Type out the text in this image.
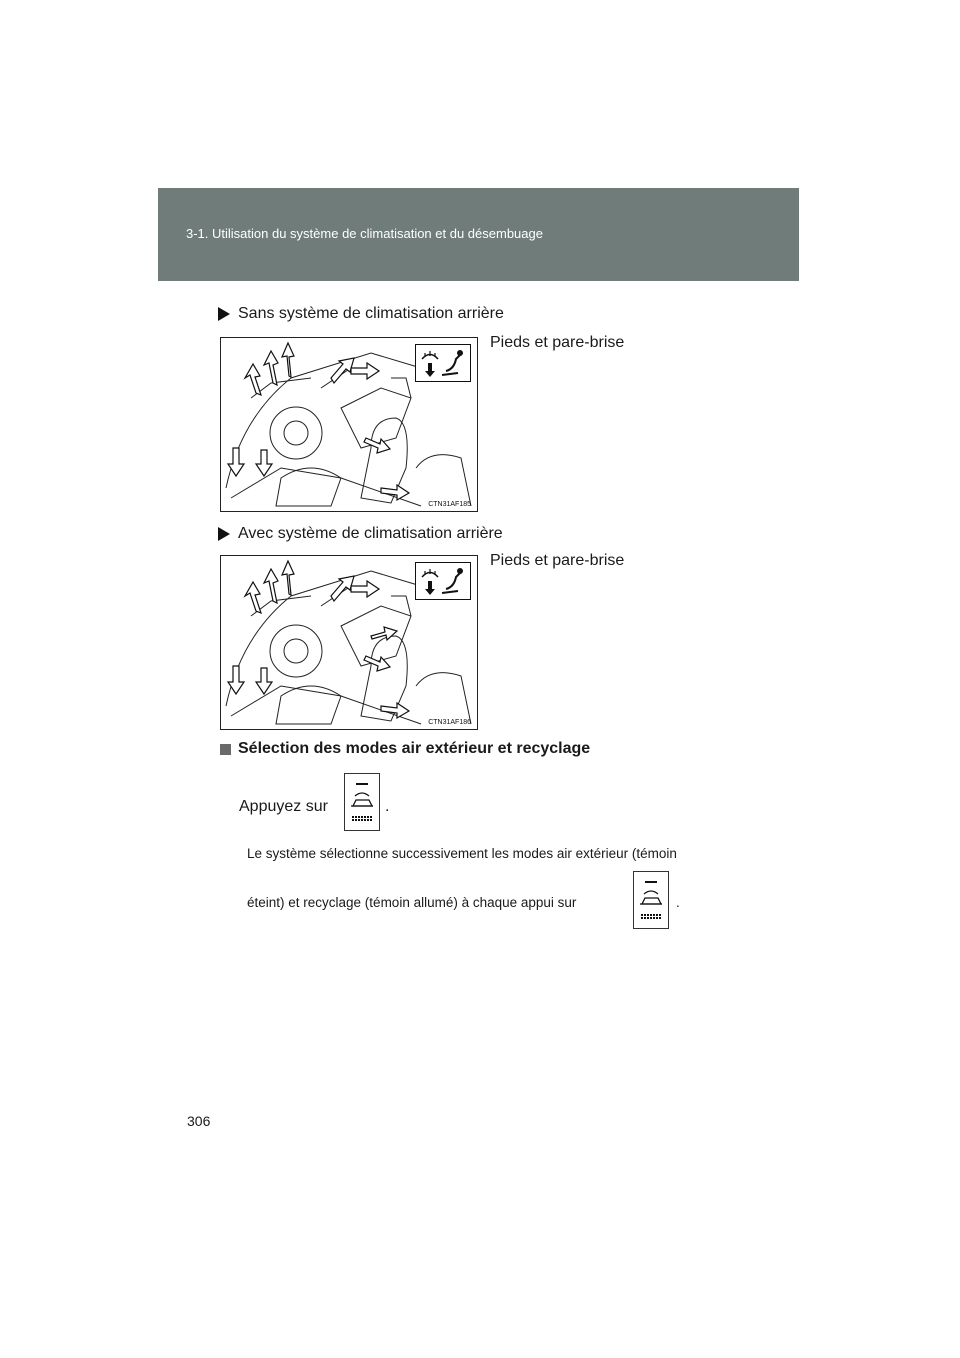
3-1. Utilisation du système de climatisation et du désembuage
Sans système de climatisation arrière
Pieds et pare-brise
CTN31AF185
Avec système de climatisation arrière
Pieds et pare-brise
CTN31AF186
Sélection des modes air extérieur et recyclage
Appuyez sur	.
Le système sélectionne successivement les modes air extérieur (témoin
éteint) et recyclage (témoin allumé) à chaque appui sur	.
306
